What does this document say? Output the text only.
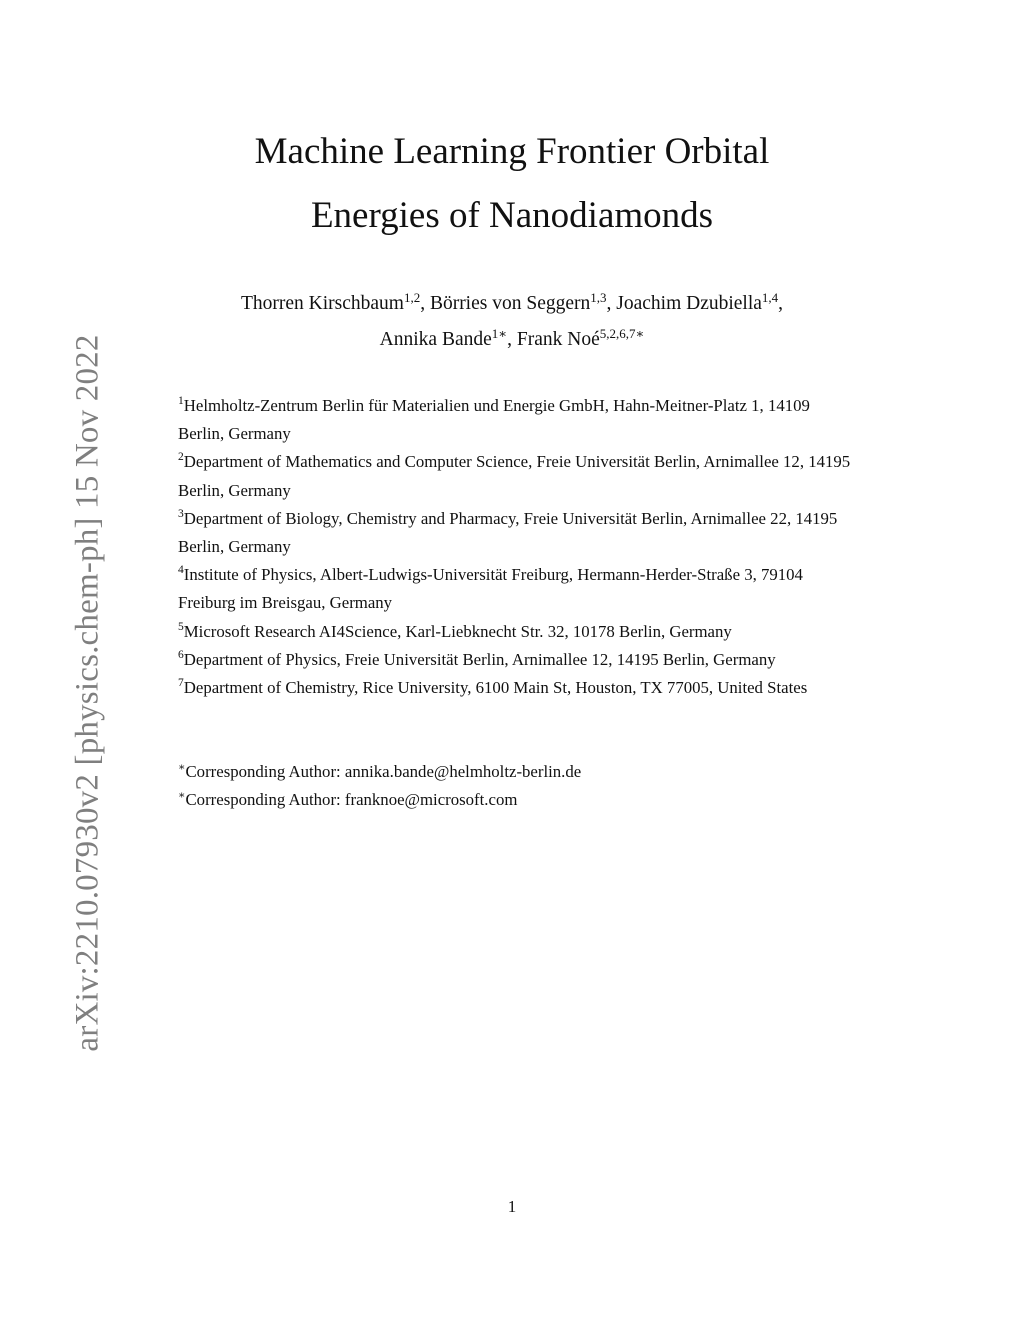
arXiv:2210.07930v2 [physics.chem-ph] 15 Nov 2022
Machine Learning Frontier Orbital
Energies of Nanodiamonds
Thorren Kirschbaum$^{1,2}$, Börries von Seggern$^{1,3}$, Joachim Dzubiella$^{1,4}$,
Annika Bande$^{1∗}$, Frank Noé$^{5,2,6,7∗}$
$^1$Helmholtz-Zentrum Berlin für Materialien und Energie GmbH, Hahn-Meitner-Platz 1, 14109 Berlin, Germany
$^2$Department of Mathematics and Computer Science, Freie Universität Berlin, Arnimallee 12, 14195 Berlin, Germany
$^3$Department of Biology, Chemistry and Pharmacy, Freie Universität Berlin, Arnimallee 22, 14195 Berlin, Germany
$^4$Institute of Physics, Albert-Ludwigs-Universität Freiburg, Hermann-Herder-Straße 3, 79104 Freiburg im Breisgau, Germany
$^5$Microsoft Research AI4Science, Karl-Liebknecht Str. 32, 10178 Berlin, Germany
$^6$Department of Physics, Freie Universität Berlin, Arnimallee 12, 14195 Berlin, Germany
$^7$Department of Chemistry, Rice University, 6100 Main St, Houston, TX 77005, United States
∗Corresponding Author: annika.bande@helmholtz-berlin.de
∗Corresponding Author: franknoe@microsoft.com
1
